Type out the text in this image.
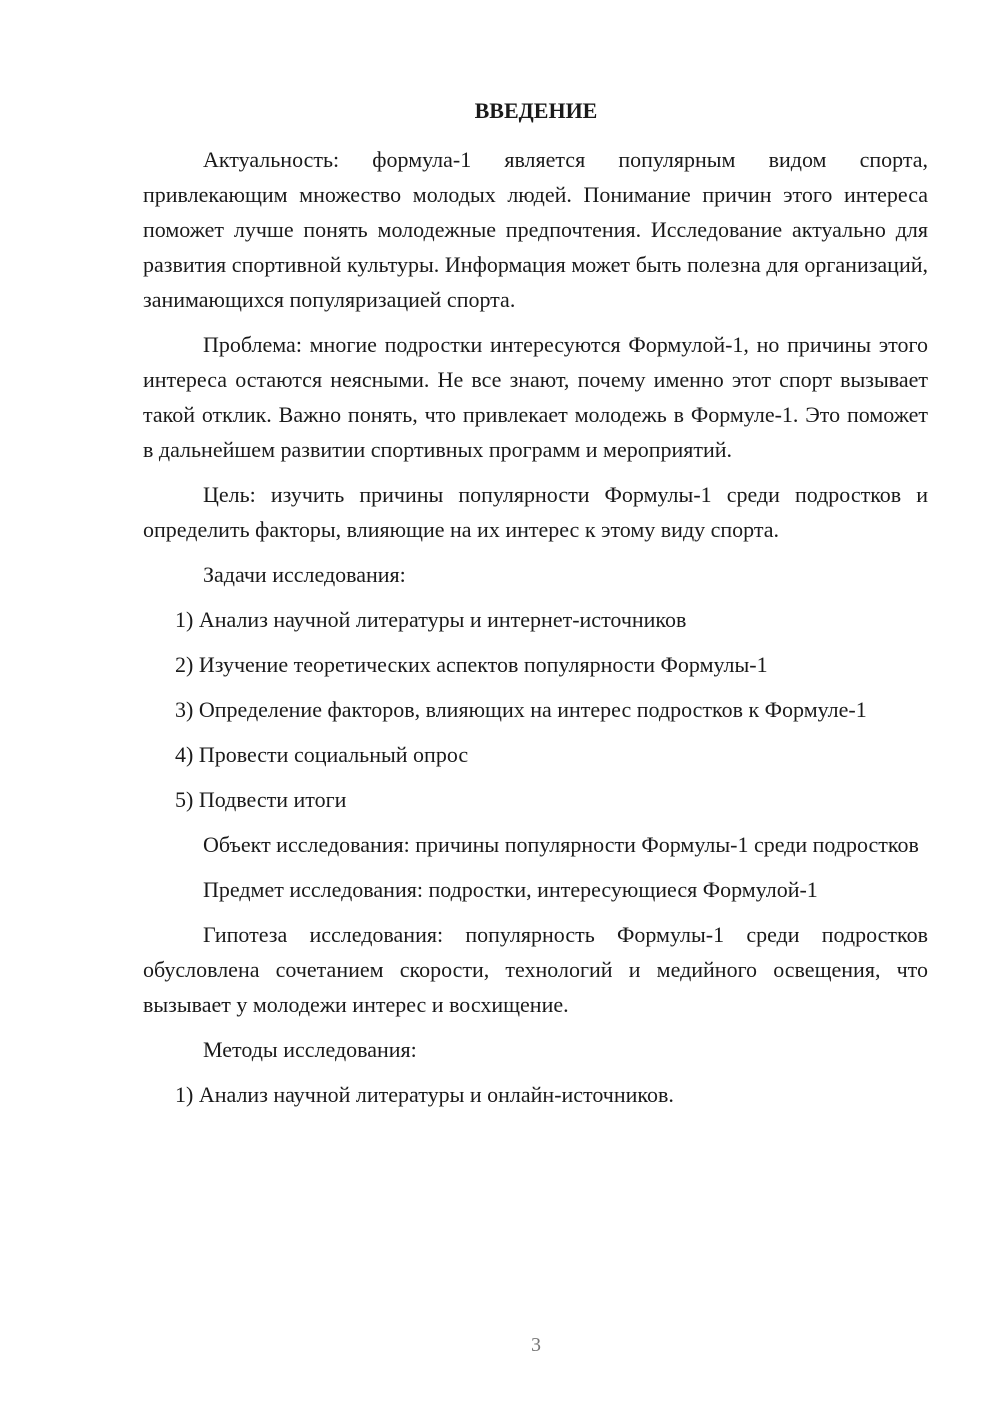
ВВЕДЕНИЕ

Актуальность: формула-1 является популярным видом спорта, привлекающим множество молодых людей. Понимание причин этого интереса поможет лучше понять молодежные предпочтения. Исследование актуально для развития спортивной культуры. Информация может быть полезна для организаций, занимающихся популяризацией спорта.

Проблема: многие подростки интересуются Формулой-1, но причины этого интереса остаются неясными. Не все знают, почему именно этот спорт вызывает такой отклик. Важно понять, что привлекает молодежь в Формуле-1. Это поможет в дальнейшем развитии спортивных программ и мероприятий.

Цель: изучить причины популярности Формулы-1 среди подростков и определить факторы, влияющие на их интерес к этому виду спорта.

Задачи исследования:

1) Анализ научной литературы и интернет-источников

2) Изучение теоретических аспектов популярности Формулы-1

3) Определение факторов, влияющих на интерес подростков к Формуле-1

4) Провести социальный опрос

5) Подвести итоги

Объект исследования: причины популярности Формулы-1 среди подростков

Предмет исследования: подростки, интересующиеся Формулой-1

Гипотеза исследования: популярность Формулы-1 среди подростков обусловлена сочетанием скорости, технологий и медийного освещения, что вызывает у молодежи интерес и восхищение.

Методы исследования:

1) Анализ научной литературы и онлайн-источников.

3
